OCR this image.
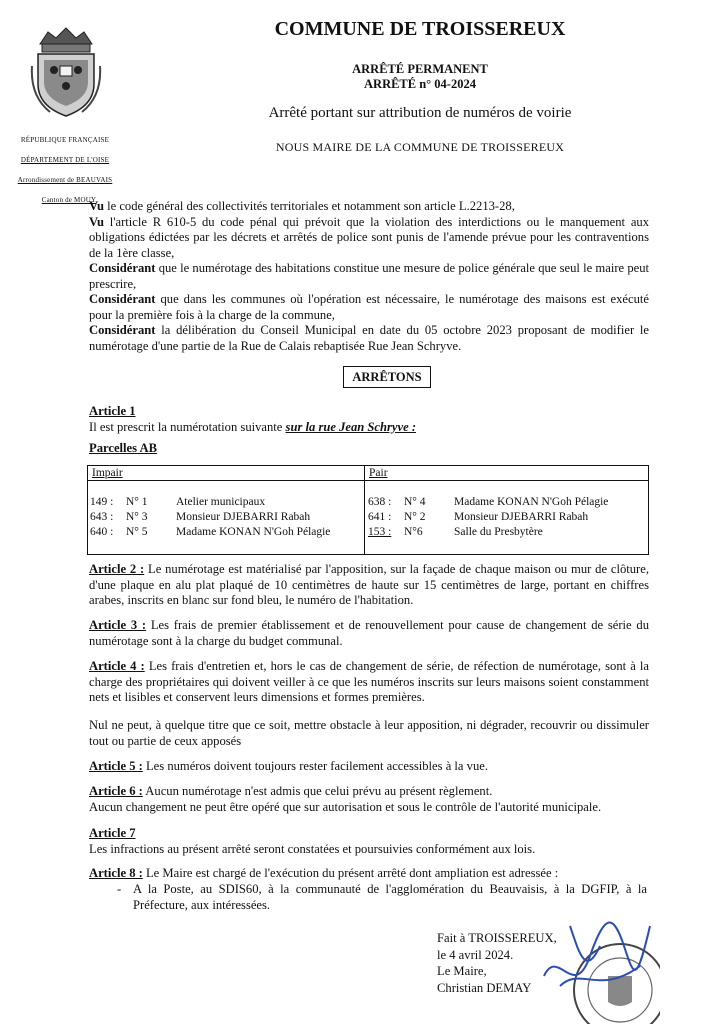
RÉPUBLIQUE FRANÇAISE
DÉPARTEMENT DE L'OISE
Arrondissement de BEAUVAIS
Canton de MOUY
COMMUNE DE TROISSEREUX
ARRÊTÉ PERMANENT
ARRÊTÉ n° 04-2024
Arrêté portant sur attribution de numéros de voirie
NOUS MAIRE DE LA COMMUNE DE TROISSEREUX
Vu le code général des collectivités territoriales et notamment son article L.2213-28,
Vu l'article R 610-5 du code pénal qui prévoit que la violation des interdictions ou le manquement aux obligations édictées par les décrets et arrêtés de police sont punis de l'amende prévue pour les contraventions de la 1ère classe,
Considérant que le numérotage des habitations constitue une mesure de police générale que seul le maire peut prescrire,
Considérant que dans les communes où l'opération est nécessaire, le numérotage des maisons est exécuté pour la première fois à la charge de la commune,
Considérant la délibération du Conseil Municipal en date du 05 octobre 2023 proposant de modifier le numérotage d'une partie de la Rue de Calais rebaptisée Rue Jean Schryve.
ARRÊTONS
Article 1
Il est prescrit la numérotation suivante sur la rue Jean Schryve :
Parcelles AB
Impair	Pair
149 : N° 1 Atelier municipaux
643 : N° 3 Monsieur DJEBARRI Rabah
640 : N° 5 Madame KONAN N'Goh Pélagie
638 : N° 4 Madame KONAN N'Goh Pélagie
641 : N° 2 Monsieur DJEBARRI Rabah
153 : N°6	Salle du Presbytère
Article 2 : Le numérotage est matérialisé par l'apposition, sur la façade de chaque maison ou mur de clôture, d'une plaque en alu plat plaqué de 10 centimètres de haute sur 15 centimètres de large, portant en chiffres arabes, inscrits en blanc sur fond bleu, le numéro de l'habitation.
Article 3 : Les frais de premier établissement et de renouvellement pour cause de changement de série du numérotage sont à la charge du budget communal.
Article 4 : Les frais d'entretien et, hors le cas de changement de série, de réfection de numérotage, sont à la charge des propriétaires qui doivent veiller à ce que les numéros inscrits sur leurs maisons soient constamment nets et lisibles et conservent leurs dimensions et formes premières.
Nul ne peut, à quelque titre que ce soit, mettre obstacle à leur apposition, ni dégrader, recouvrir ou dissimuler tout ou partie de ceux apposés
Article 5 : Les numéros doivent toujours rester facilement accessibles à la vue.
Article 6 : Aucun numérotage n'est admis que celui prévu au présent règlement.
Aucun changement ne peut être opéré que sur autorisation et sous le contrôle de l'autorité municipale.
Article 7
Les infractions au présent arrêté seront constatées et poursuivies conformément aux lois.
Article 8 : Le Maire est chargé de l'exécution du présent arrêté dont ampliation est adressée :
- A la Poste, au SDIS60, à la communauté de l'agglomération du Beauvaisis, à la DGFIP, à la Préfecture, aux intéressées.
Fait à TROISSEREUX,
le 4 avril 2024.
Le Maire,
Christian DEMAY
